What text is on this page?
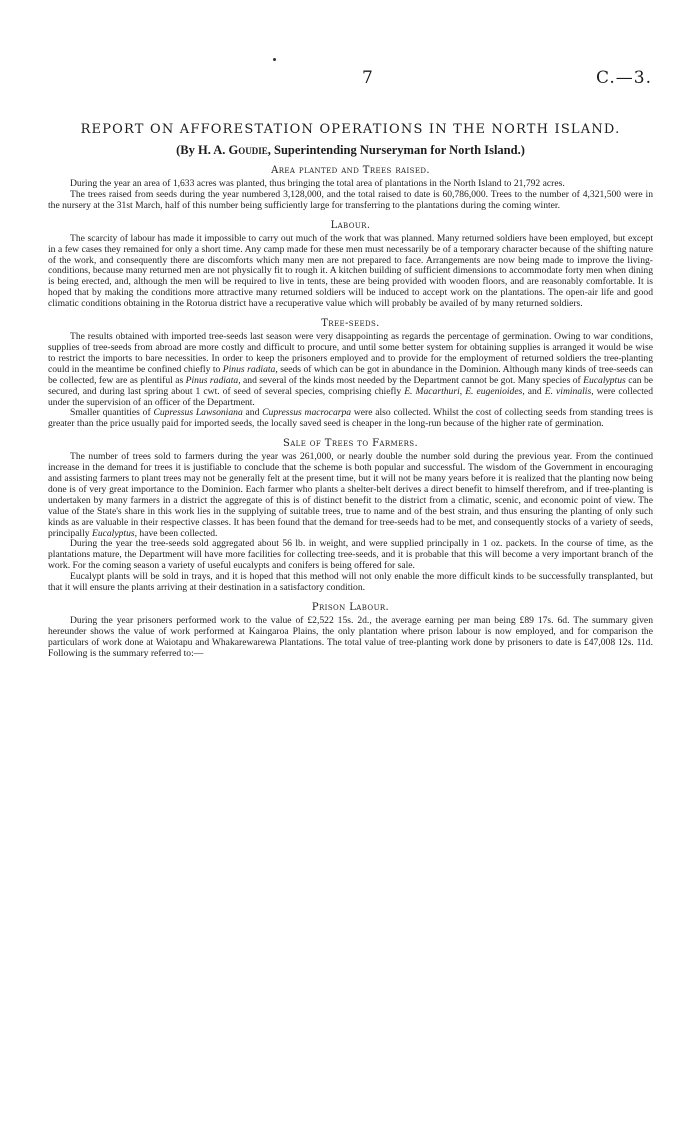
7	C.—3.
REPORT ON AFFORESTATION OPERATIONS IN THE NORTH ISLAND.
(By H. A. Goudie, Superintending Nurseryman for North Island.)
Area planted and Trees raised.

During the year an area of 1,633 acres was planted, thus bringing the total area of plantations in the North Island to 21,792 acres.

The trees raised from seeds during the year numbered 3,128,000, and the total raised to date is 60,786,000. Trees to the number of 4,321,500 were in the nursery at the 31st March, half of this number being sufficiently large for transferring to the plantations during the coming winter.

Labour.

The scarcity of labour has made it impossible to carry out much of the work that was planned. Many returned soldiers have been employed, but except in a few cases they remained for only a short time. Any camp made for these men must necessarily be of a temporary character because of the shifting nature of the work, and consequently there are discomforts which many men are not prepared to face. Arrangements are now being made to improve the living-conditions, because many returned men are not physically fit to rough it. A kitchen building of sufficient dimensions to accommodate forty men when dining is being erected, and, although the men will be required to live in tents, these are being provided with wooden floors, and are reasonably comfortable. It is hoped that by making the conditions more attractive many returned soldiers will be induced to accept work on the plantations. The open-air life and good climatic conditions obtaining in the Rotorua district have a recuperative value which will probably be availed of by many returned soldiers.

Tree-seeds.

The results obtained with imported tree-seeds last season were very disappointing as regards the percentage of germination. Owing to war conditions, supplies of tree-seeds from abroad are more costly and difficult to procure, and until some better system for obtaining supplies is arranged it would be wise to restrict the imports to bare necessities. In order to keep the prisoners employed and to provide for the employment of returned soldiers the tree-planting could in the meantime be confined chiefly to Pinus radiata, seeds of which can be got in abundance in the Dominion. Although many kinds of tree-seeds can be collected, few are as plentiful as Pinus radiata, and several of the kinds most needed by the Department cannot be got. Many species of Eucalyptus can be secured, and during last spring about 1 cwt. of seed of several species, comprising chiefly E. Macarthuri, E. eugenioides, and E. viminalis, were collected under the supervision of an officer of the Department.

Smaller quantities of Cupressus Lawsoniana and Cupressus macrocarpa were also collected. Whilst the cost of collecting seeds from standing trees is greater than the price usually paid for imported seeds, the locally saved seed is cheaper in the long-run because of the higher rate of germination.

Sale of Trees to Farmers.

The number of trees sold to farmers during the year was 261,000, or nearly double the number sold during the previous year. From the continued increase in the demand for trees it is justifiable to conclude that the scheme is both popular and successful. The wisdom of the Government in encouraging and assisting farmers to plant trees may not be generally felt at the present time, but it will not be many years before it is realized that the planting now being done is of very great importance to the Dominion. Each farmer who plants a shelter-belt derives a direct benefit to himself therefrom, and if tree-planting is undertaken by many farmers in a district the aggregate of this is of distinct benefit to the district from a climatic, scenic, and economic point of view. The value of the State's share in this work lies in the supplying of suitable trees, true to name and of the best strain, and thus ensuring the planting of only such kinds as are valuable in their respective classes. It has been found that the demand for tree-seeds had to be met, and consequently stocks of a variety of seeds, principally Eucalyptus, have been collected.

During the year the tree-seeds sold aggregated about 56 lb. in weight, and were supplied principally in 1 oz. packets. In the course of time, as the plantations mature, the Department will have more facilities for collecting tree-seeds, and it is probable that this will become a very important branch of the work. For the coming season a variety of useful eucalypts and conifers is being offered for sale.

Eucalypt plants will be sold in trays, and it is hoped that this method will not only enable the more difficult kinds to be successfully transplanted, but that it will ensure the plants arriving at their destination in a satisfactory condition.

Prison Labour.

During the year prisoners performed work to the value of £2,522 15s. 2d., the average earning per man being £89 17s. 6d. The summary given hereunder shows the value of work performed at Kaingaroa Plains, the only plantation where prison labour is now employed, and for comparison the particulars of work done at Waiotapu and Whakarewarewa Plantations. The total value of tree-planting work done by prisoners to date is £47,008 12s. 11d. Following is the summary referred to:—
